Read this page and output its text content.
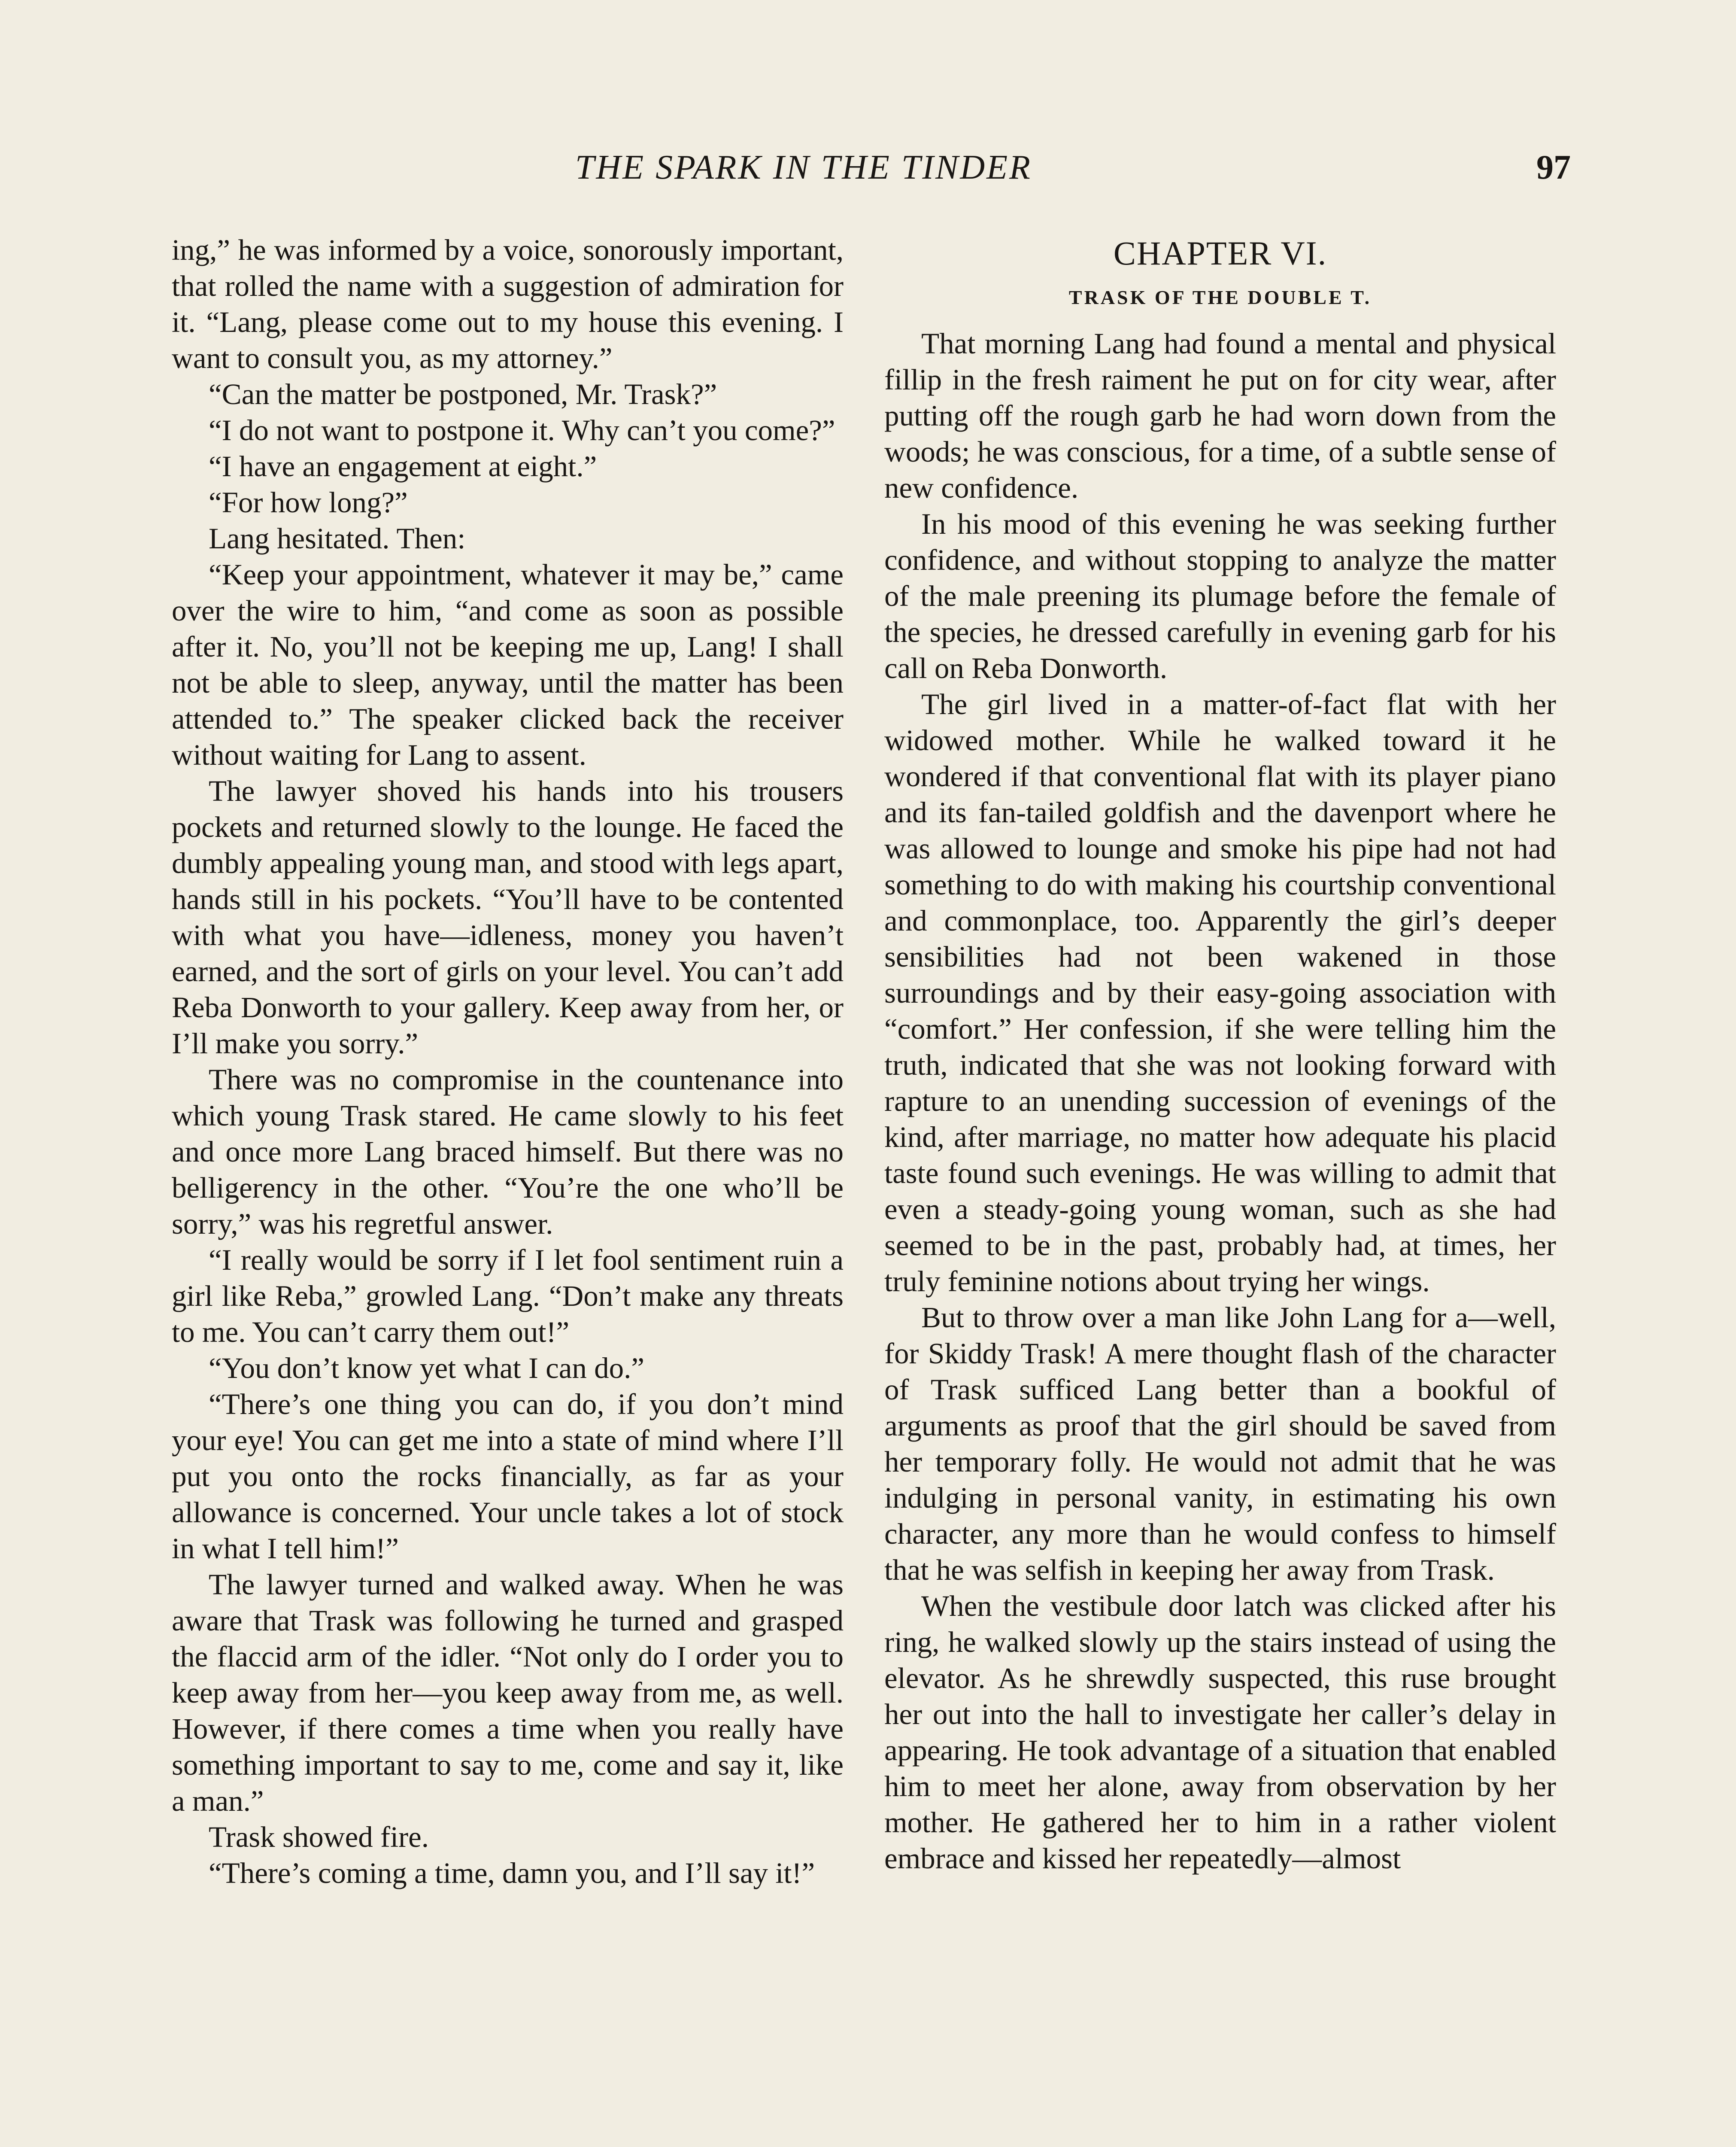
THE SPARK IN THE TINDER	97

ing,” he was informed by a voice, sonorously important, that rolled the name with a suggestion of admiration for it. “Lang, please come out to my house this evening. I want to consult you, as my attorney.”

“Can the matter be postponed, Mr. Trask?”

“I do not want to postpone it. Why can’t you come?”

“I have an engagement at eight.”

“For how long?”

Lang hesitated. Then:

“Keep your appointment, whatever it may be,” came over the wire to him, “and come as soon as possible after it. No, you’ll not be keeping me up, Lang! I shall not be able to sleep, anyway, until the matter has been attended to.” The speaker clicked back the receiver without waiting for Lang to assent.

The lawyer shoved his hands into his trousers pockets and returned slowly to the lounge. He faced the dumbly appealing young man, and stood with legs apart, hands still in his pockets. “You’ll have to be contented with what you have—idleness, money you haven’t earned, and the sort of girls on your level. You can’t add Reba Donworth to your gallery. Keep away from her, or I’ll make you sorry.”

There was no compromise in the countenance into which young Trask stared. He came slowly to his feet and once more Lang braced himself. But there was no belligerency in the other. “You’re the one who’ll be sorry,” was his regretful answer.

“I really would be sorry if I let fool sentiment ruin a girl like Reba,” growled Lang. “Don’t make any threats to me. You can’t carry them out!”

“You don’t know yet what I can do.”

“There’s one thing you can do, if you don’t mind your eye! You can get me into a state of mind where I’ll put you onto the rocks financially, as far as your allowance is concerned. Your uncle takes a lot of stock in what I tell him!”

The lawyer turned and walked away. When he was aware that Trask was following he turned and grasped the flaccid arm of the idler. “Not only do I order you to keep away from her—you keep away from me, as well. However, if there comes a time when you really have something important to say to me, come and say it, like a man.”

Trask showed fire.

“There’s coming a time, damn you, and I’ll say it!”

CHAPTER VI.
TRASK OF THE DOUBLE T.

That morning Lang had found a mental and physical fillip in the fresh raiment he put on for city wear, after putting off the rough garb he had worn down from the woods; he was conscious, for a time, of a subtle sense of new confidence.

In his mood of this evening he was seeking further confidence, and without stopping to analyze the matter of the male preening its plumage before the female of the species, he dressed carefully in evening garb for his call on Reba Donworth.

The girl lived in a matter-of-fact flat with her widowed mother. While he walked toward it he wondered if that conventional flat with its player piano and its fan-tailed goldfish and the davenport where he was allowed to lounge and smoke his pipe had not had something to do with making his courtship conventional and commonplace, too. Apparently the girl’s deeper sensibilities had not been wakened in those surroundings and by their easy-going association with “comfort.” Her confession, if she were telling him the truth, indicated that she was not looking forward with rapture to an unending succession of evenings of the kind, after marriage, no matter how adequate his placid taste found such evenings. He was willing to admit that even a steady-going young woman, such as she had seemed to be in the past, probably had, at times, her truly feminine notions about trying her wings.

But to throw over a man like John Lang for a—well, for Skiddy Trask! A mere thought flash of the character of Trask sufficed Lang better than a bookful of arguments as proof that the girl should be saved from her temporary folly. He would not admit that he was indulging in personal vanity, in estimating his own character, any more than he would confess to himself that he was selfish in keeping her away from Trask.

When the vestibule door latch was clicked after his ring, he walked slowly up the stairs instead of using the elevator. As he shrewdly suspected, this ruse brought her out into the hall to investigate her caller’s delay in appearing. He took advantage of a situation that enabled him to meet her alone, away from observation by her mother. He gathered her to him in a rather violent embrace and kissed her repeatedly—almost
